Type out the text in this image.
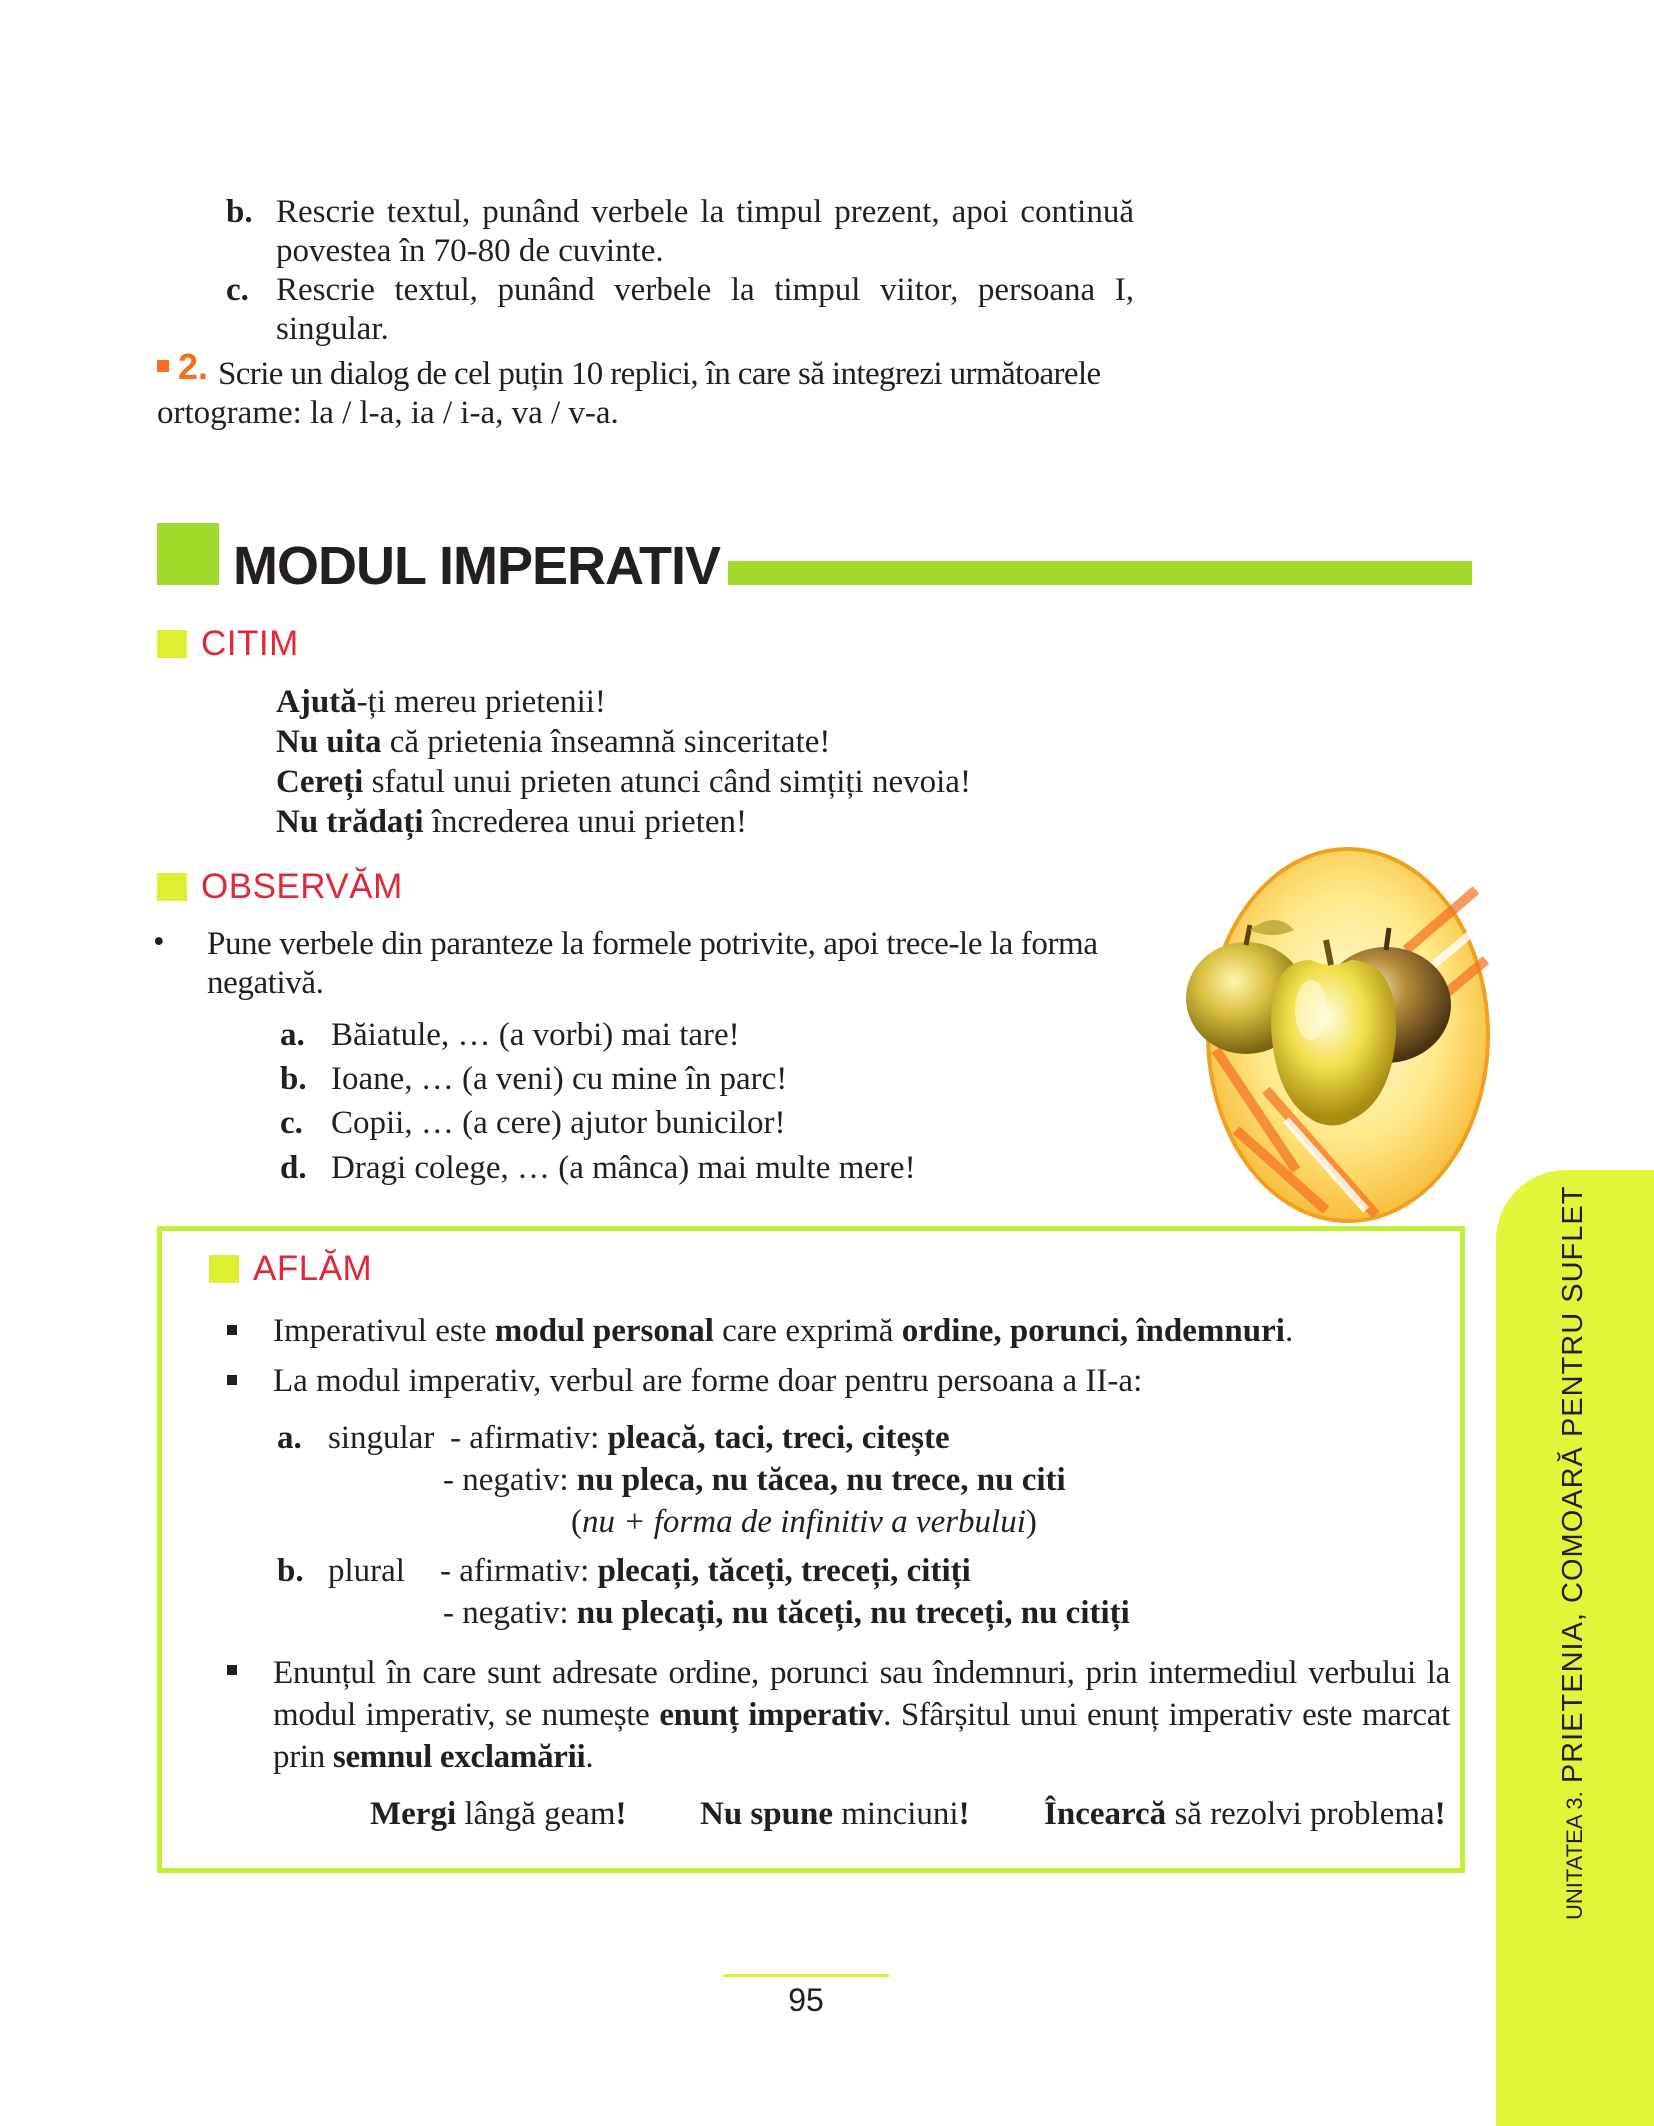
b. Rescrie textul, punând verbele la timpul prezent, apoi continuă
povestea în 70-80 de cuvinte.
c. Rescrie textul, punând verbele la timpul viitor, persoana I,
singular.
2. Scrie un dialog de cel puțin 10 replici, în care să integrezi următoarele
ortograme: la / l-a, ia / i-a, va / v-a.
MODUL IMPERATIV
CITIM
Ajută-ți mereu prietenii!
Nu uita că prietenia înseamnă sinceritate!
Cereți sfatul unui prieten atunci când simțiți nevoia!
Nu trădați încrederea unui prieten!
OBSERVĂM
• Pune verbele din paranteze la formele potrivite, apoi trece-le la forma
negativă.
a. Băiatule, … (a vorbi) mai tare!
b. Ioane, … (a veni) cu mine în parc!
c. Copii, … (a cere) ajutor bunicilor!
d. Dragi colege, … (a mânca) mai multe mere!
AFLĂM
Imperativul este modul personal care exprimă ordine, porunci, îndemnuri.
La modul imperativ, verbul are forme doar pentru persoana a II-a:
a. singular - afirmativ: pleacă, taci, treci, citește
- negativ: nu pleca, nu tăcea, nu trece, nu citi
(nu + forma de infinitiv a verbului)
b. plural - afirmativ: plecați, tăceți, treceți, citiți
- negativ: nu plecați, nu tăceți, nu treceți, nu citiți
Enunțul în care sunt adresate ordine, porunci sau îndemnuri, prin intermediul verbului la modul imperativ, se numește enunț imperativ. Sfârșitul unui enunț imperativ este marcat prin semnul exclamării.
Mergi lângă geam! Nu spune minciuni! Încearcă să rezolvi problema!
95
UNITATEA 3. PRIETENIA, COMOARĂ PENTRU SUFLET
